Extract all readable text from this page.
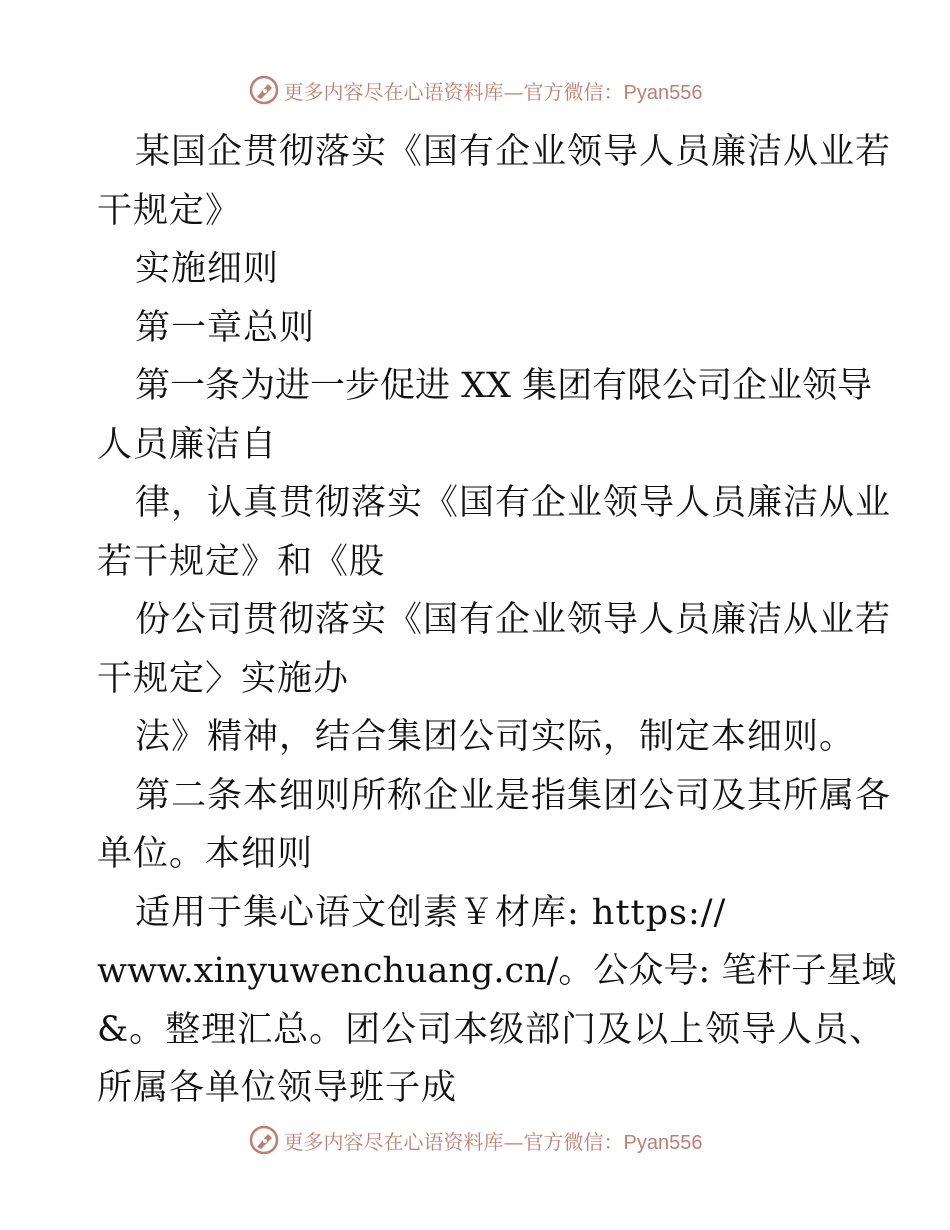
更多内容尽在心语资料库—官方微信：Pyan556
某国企贯彻落实《国有企业领导人员廉洁从业若
干规定》
实施细则
第一章总则
第一条为进一步促进 XX 集团有限公司企业领导
人员廉洁自
律，认真贯彻落实《国有企业领导人员廉洁从业
若干规定》和《股
份公司贯彻落实《国有企业领导人员廉洁从业若
干规定〉实施办
法》精神，结合集团公司实际，制定本细则。
第二条本细则所称企业是指集团公司及其所属各
单位。本细则
适用于集心语文创素￥材库: https://
www.xinyuwenchuang.cn/。公众号: 笔杆子星域
&。整理汇总。团公司本级部门及以上领导人员、
所属各单位领导班子成
更多内容尽在心语资料库—官方微信：Pyan556
